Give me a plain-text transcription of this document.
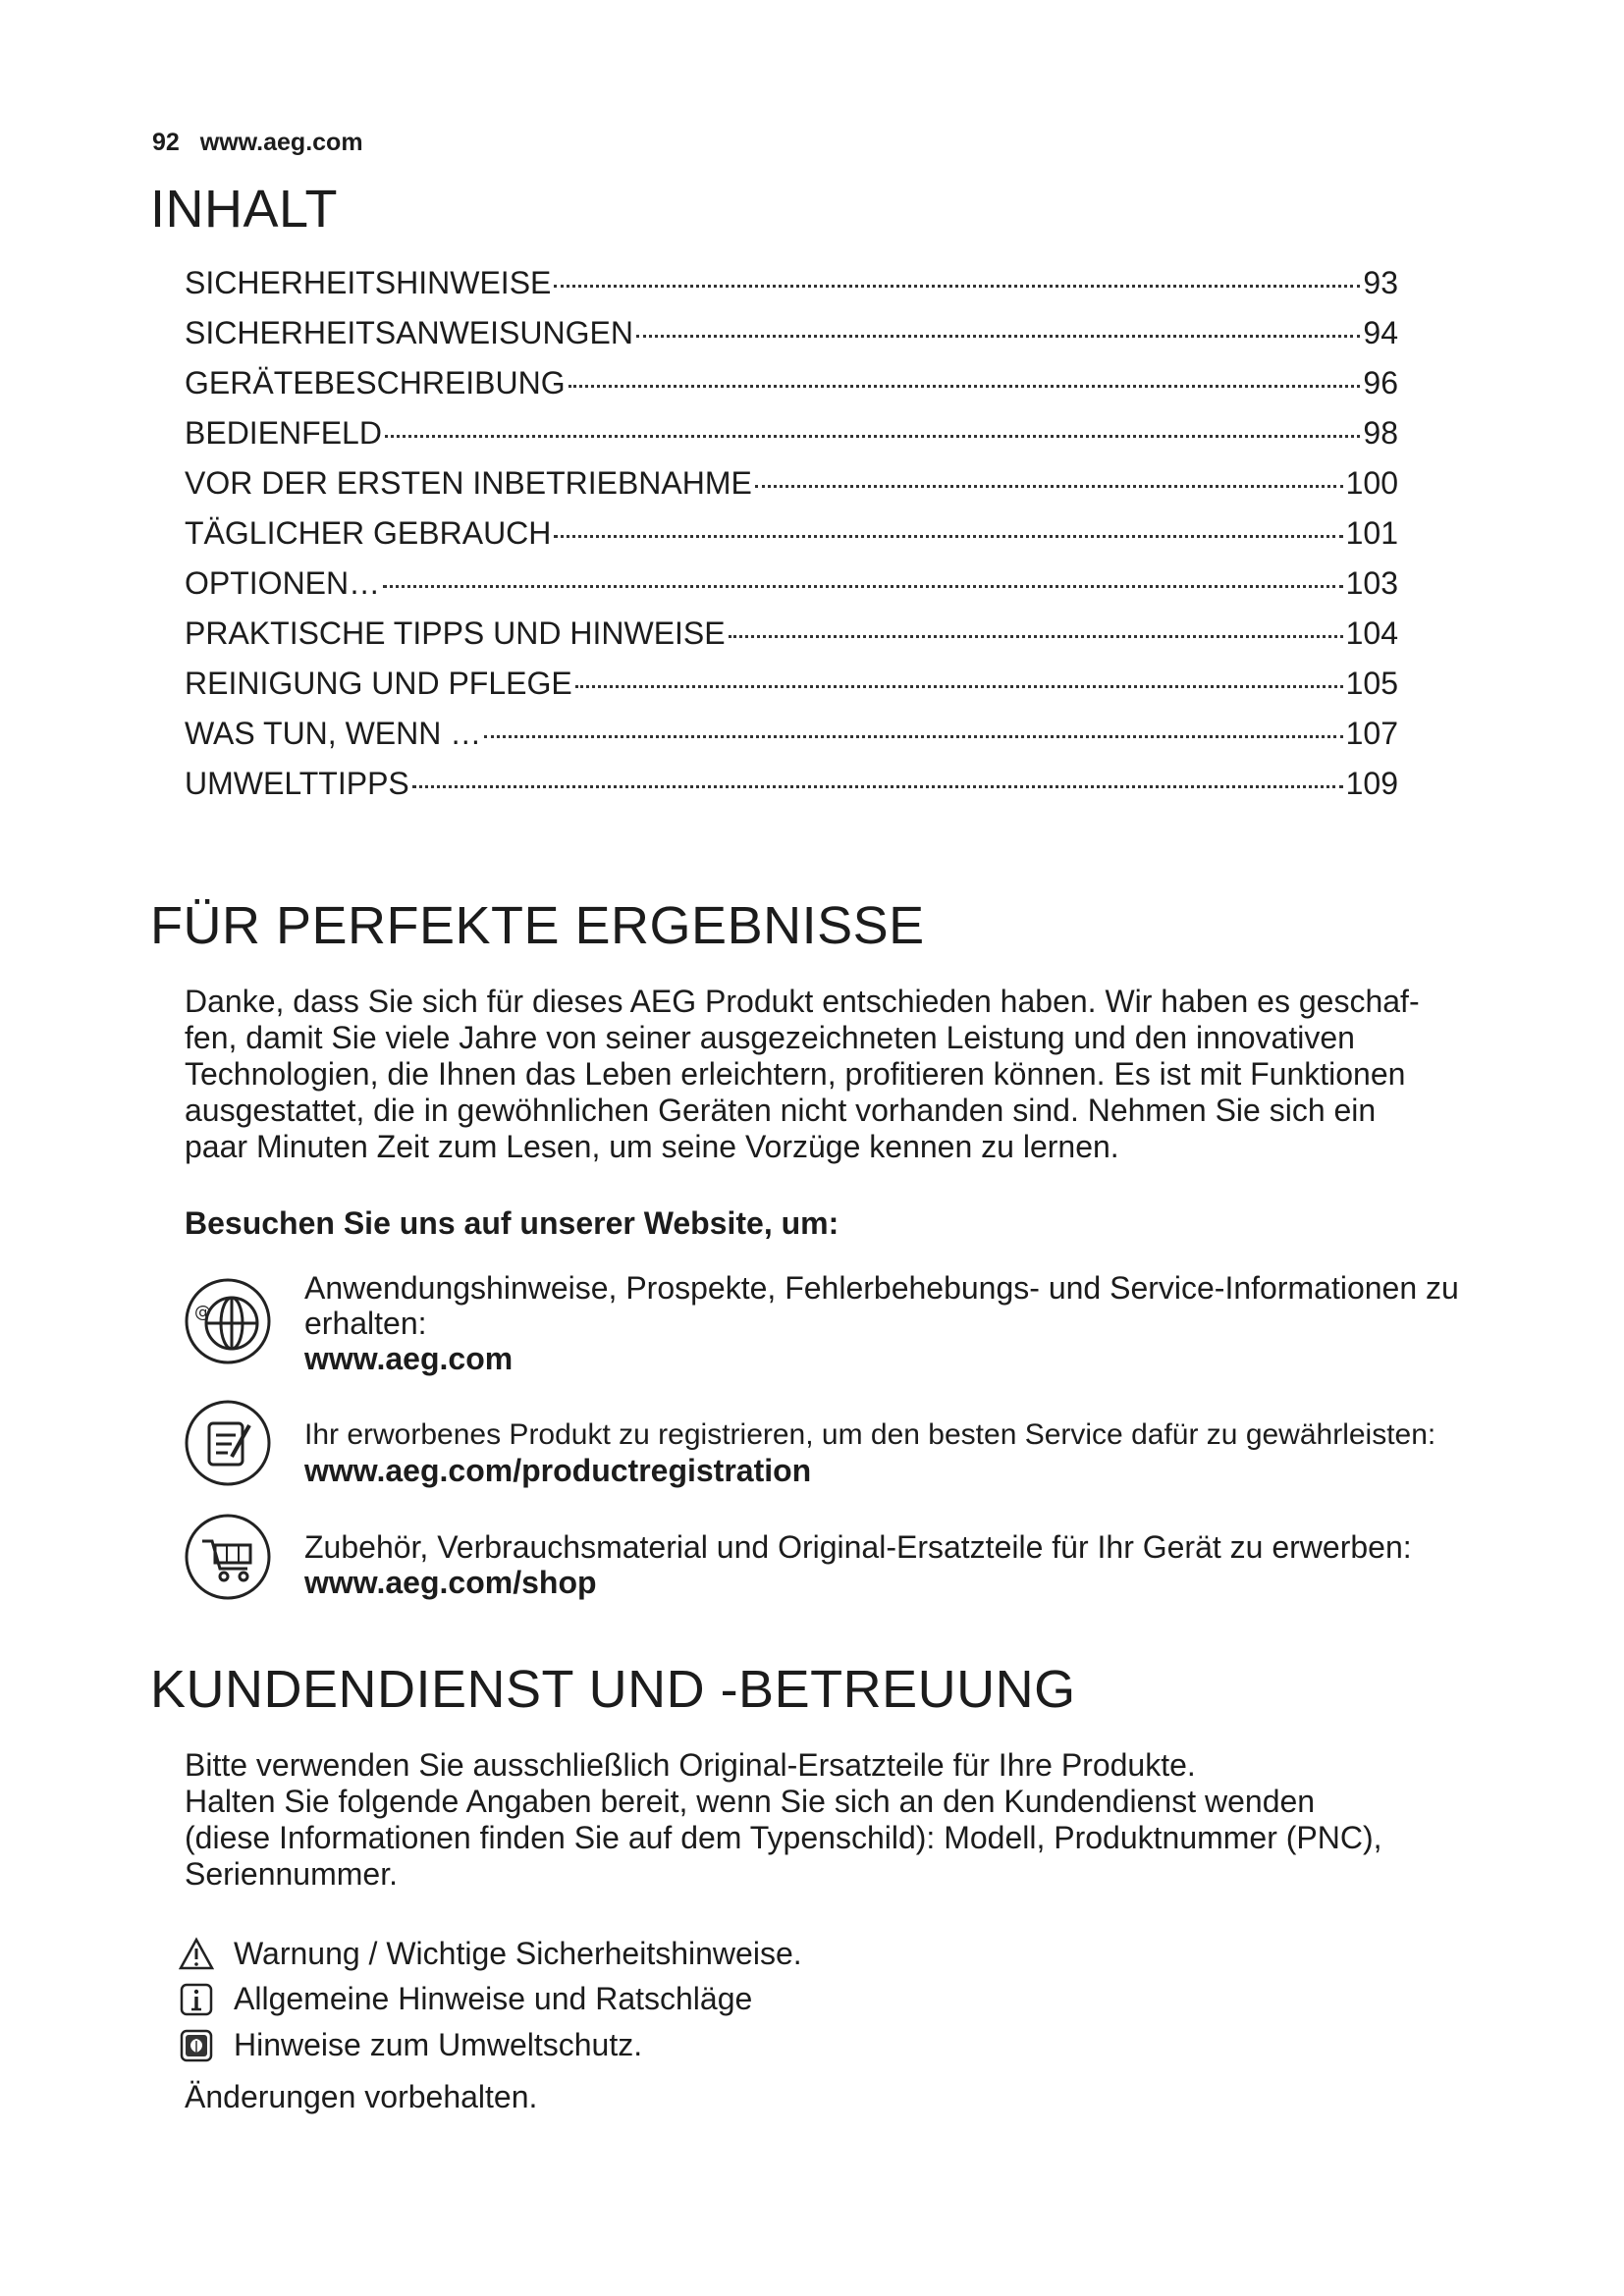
92 www.aeg.com
INHALT
SICHERHEITSHINWEISE	93
SICHERHEITSANWEISUNGEN	94
GERÄTEBESCHREIBUNG	96
BEDIENFELD	98
VOR DER ERSTEN INBETRIEBNAHME	100
TÄGLICHER GEBRAUCH	101
OPTIONEN…	103
PRAKTISCHE TIPPS UND HINWEISE	104
REINIGUNG UND PFLEGE	105
WAS TUN, WENN …	107
UMWELTTIPPS	109
FÜR PERFEKTE ERGEBNISSE

Danke, dass Sie sich für dieses AEG Produkt entschieden haben. Wir haben es geschaf-
fen, damit Sie viele Jahre von seiner ausgezeichneten Leistung und den innovativen
Technologien, die Ihnen das Leben erleichtern, profitieren können. Es ist mit Funktionen
ausgestattet, die in gewöhnlichen Geräten nicht vorhanden sind. Nehmen Sie sich ein
paar Minuten Zeit zum Lesen, um seine Vorzüge kennen zu lernen.

Besuchen Sie uns auf unserer Website, um:

@
Anwendungshinweise, Prospekte, Fehlerbehebungs- und Service-Informationen zu
erhalten:
www.aeg.com
Ihr erworbenes Produkt zu registrieren, um den besten Service dafür zu gewährleisten:
www.aeg.com/productregistration
Zubehör, Verbrauchsmaterial und Original-Ersatzteile für Ihr Gerät zu erwerben:
www.aeg.com/shop
KUNDENDIENST UND -BETREUUNG

Bitte verwenden Sie ausschließlich Original-Ersatzteile für Ihre Produkte.
Halten Sie folgende Angaben bereit, wenn Sie sich an den Kundendienst wenden
(diese Informationen finden Sie auf dem Typenschild): Modell, Produktnummer (PNC),
Seriennummer.

Warnung / Wichtige Sicherheitshinweise.
Allgemeine Hinweise und Ratschläge
Hinweise zum Umweltschutz.

Änderungen vorbehalten.
